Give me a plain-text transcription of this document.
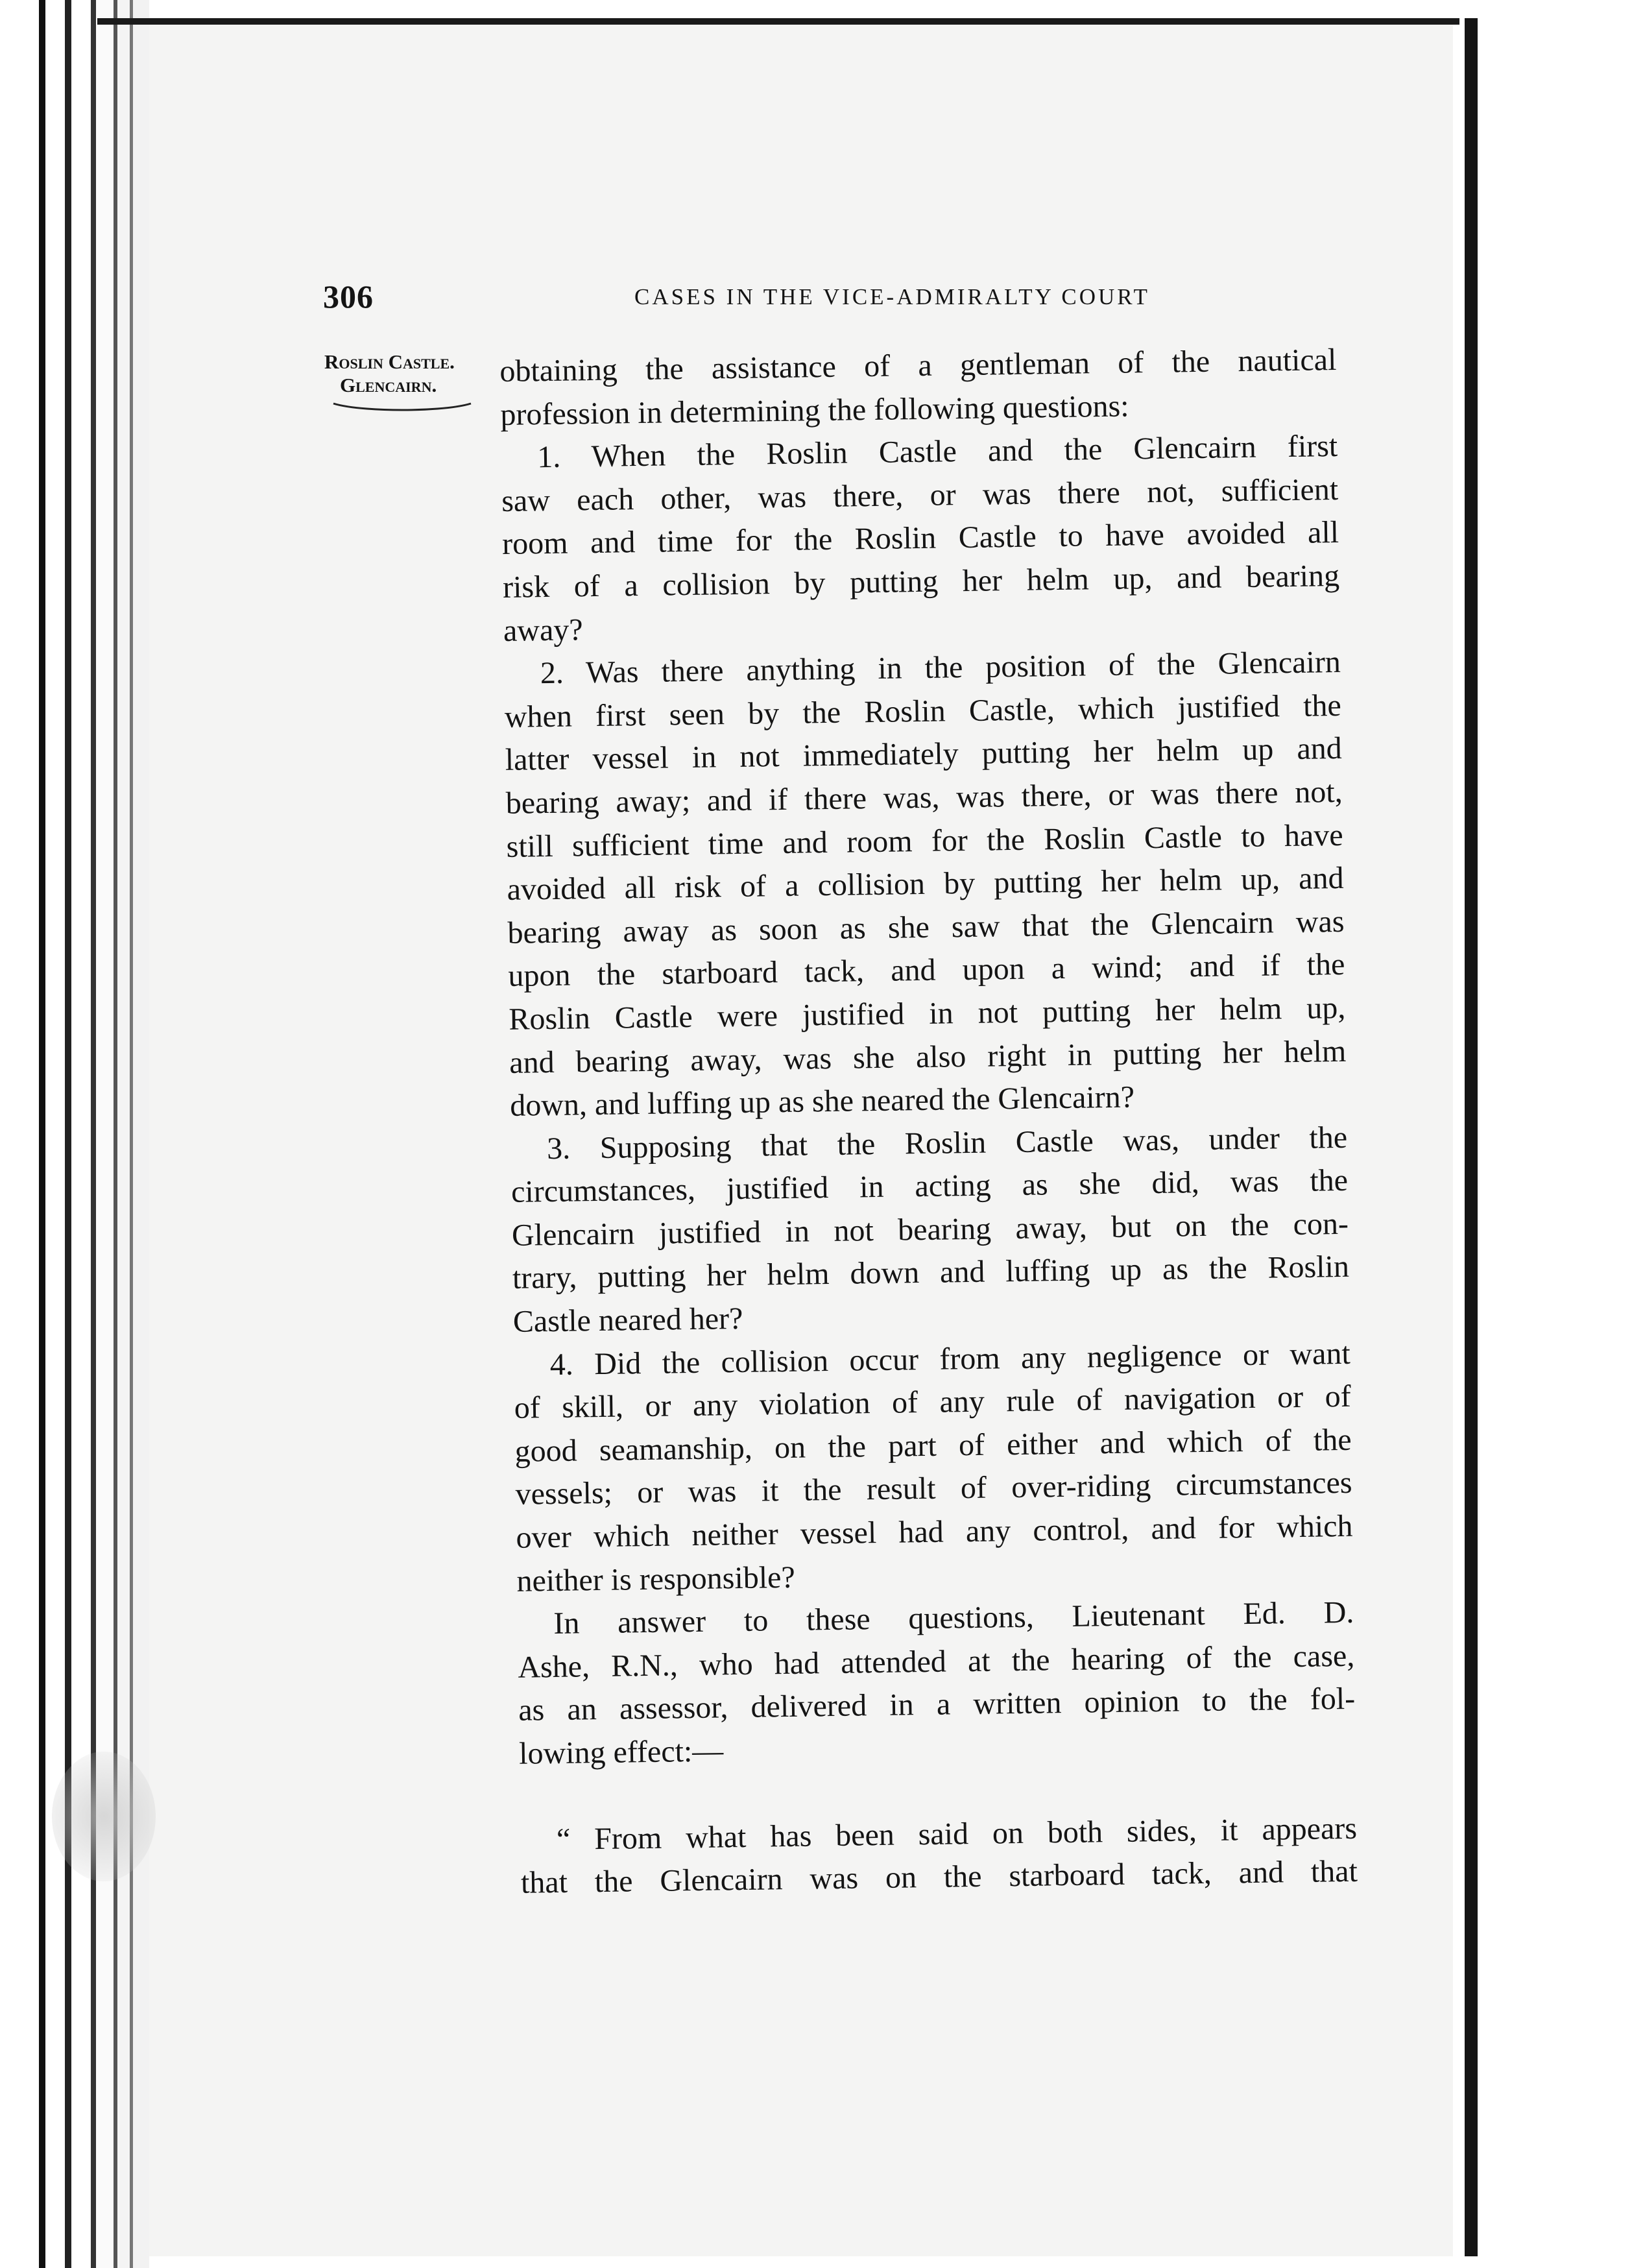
306	CASES IN THE VICE-ADMIRALTY COURT
Roslin Castle.
Glencairn.	obtaining the assistance of a gentleman of the nautical
profession in determining the following questions:
1. When the Roslin Castle and the Glencairn first
saw each other, was there, or was there not, sufficient
room and time for the Roslin Castle to have avoided all
risk of a collision by putting her helm up, and bearing
away?
2. Was there anything in the position of the Glencairn
when first seen by the Roslin Castle, which justified the
latter vessel in not immediately putting her helm up and
bearing away; and if there was, was there, or was there not,
still sufficient time and room for the Roslin Castle to have
avoided all risk of a collision by putting her helm up, and
bearing away as soon as she saw that the Glencairn was
upon the starboard tack, and upon a wind; and if the
Roslin Castle were justified in not putting her helm up,
and bearing away, was she also right in putting her helm
down, and luffing up as she neared the Glencairn?
3. Supposing that the Roslin Castle was, under the
circumstances, justified in acting as she did, was the
Glencairn justified in not bearing away, but on the con-
trary, putting her helm down and luffing up as the Roslin
Castle neared her?
4. Did the collision occur from any negligence or want
of skill, or any violation of any rule of navigation or of
good seamanship, on the part of either and which of the
vessels; or was it the result of over-riding circumstances
over which neither vessel had any control, and for which
neither is responsible?
In answer to these questions, Lieutenant Ed. D.
Ashe, R.N., who had attended at the hearing of the case,
as an assessor, delivered in a written opinion to the fol-
lowing effect:—
“ From what has been said on both sides, it appears
that the Glencairn was on the starboard tack, and that
